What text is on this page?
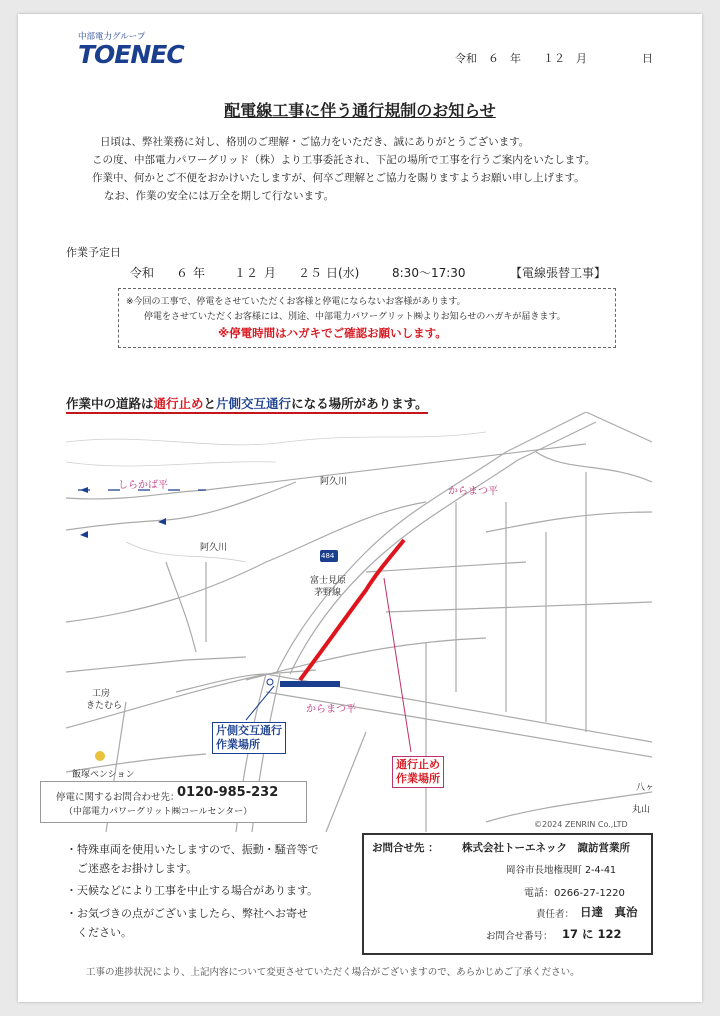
中部電力グループ
TOENEC	令和　６　年　　１２　月　　　　　日
配電線工事に伴う通行規制のお知らせ
日頃は、弊社業務に対し、格別のご理解・ご協力をいただき、誠にありがとうございます。
この度、中部電力パワーグリッド（株）より工事委託され、下記の場所で工事を行うご案内をいたします。
作業中、何かとご不便をおかけいたしますが、何卒ご理解とご協力を賜りますようお願い申し上げます。
なお、作業の安全には万全を期して行ないます。
作業予定日
令和 ６ 年 １２ 月 ２５ 日 (水)	8:30～17:30	【電線張替工事】
※今回の工事で、停電をさせていただくお客様と停電にならないお客様があります。
停電をさせていただくお客様には、別途、中部電力パワーグリット㈱よりお知らせのハガキが届きます。
※停電時間はハガキでご確認お願いします。
作業中の道路は通行止めと片側交互通行になる場所があります。
しらかば平	阿久川
阿久川
からまつ平
からまつ平
484
富士見原
茅野線
工房
きたむら
飯塚ペンション
八ヶ
丸山
©2024 ZENRIN Co.,LTD
片側交互通行
作業場所
通行止め
作業場所
停電に関するお問合わせ先：
0120-985-232
（中部電力パワーグリット㈱コールセンター）
・特殊車両を使用いたしますので、振動・騒音等で
　ご迷惑をお掛けします。
・天候などにより工事を中止する場合があります。
・お気づきの点がございましたら、弊社へお寄せ
　ください。
お問合せ先 ： 株式会社トーエネック　諏訪営業所
岡谷市長地権現町 2-4-41
電話：0266-27-1220
責任者： 日達　真治
お問合せ番号： 17 に 122
工事の進捗状況により、上記内容について変更させていただく場合がございますので、あらかじめご了承ください。
